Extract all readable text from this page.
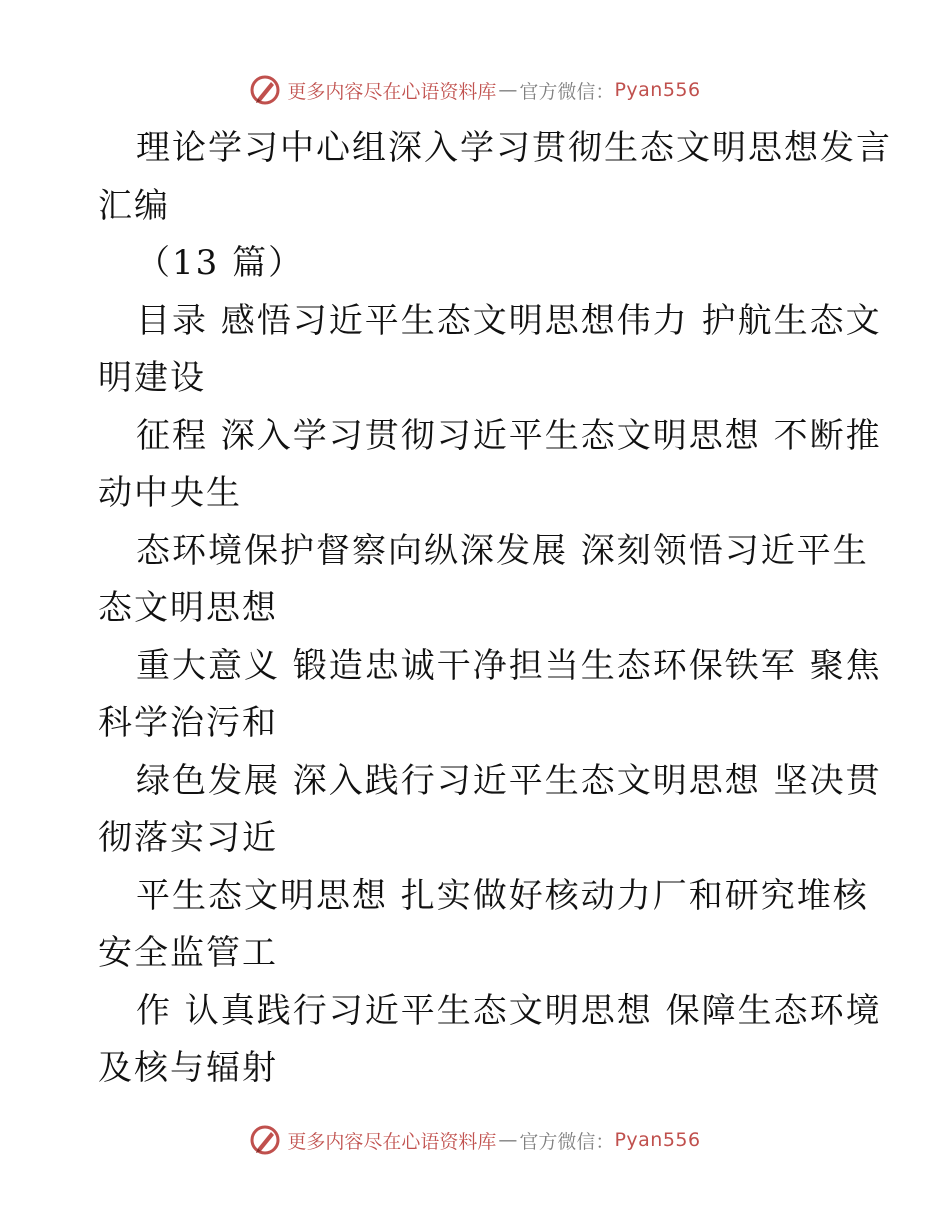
更多内容尽在心语资料库 — 官方微信： Pyan556

理论学习中心组深入学习贯彻生态文明思想发言
汇编

（13 篇）

目录 感悟习近平生态文明思想伟力 护航生态文
明建设

征程 深入学习贯彻习近平生态文明思想 不断推
动中央生

态环境保护督察向纵深发展 深刻领悟习近平生
态文明思想

重大意义 锻造忠诚干净担当生态环保铁军 聚焦
科学治污和

绿色发展 深入践行习近平生态文明思想 坚决贯
彻落实习近

平生态文明思想 扎实做好核动力厂和研究堆核
安全监管工

作 认真践行习近平生态文明思想 保障生态环境
及核与辐射

更多内容尽在心语资料库 — 官方微信： Pyan556
